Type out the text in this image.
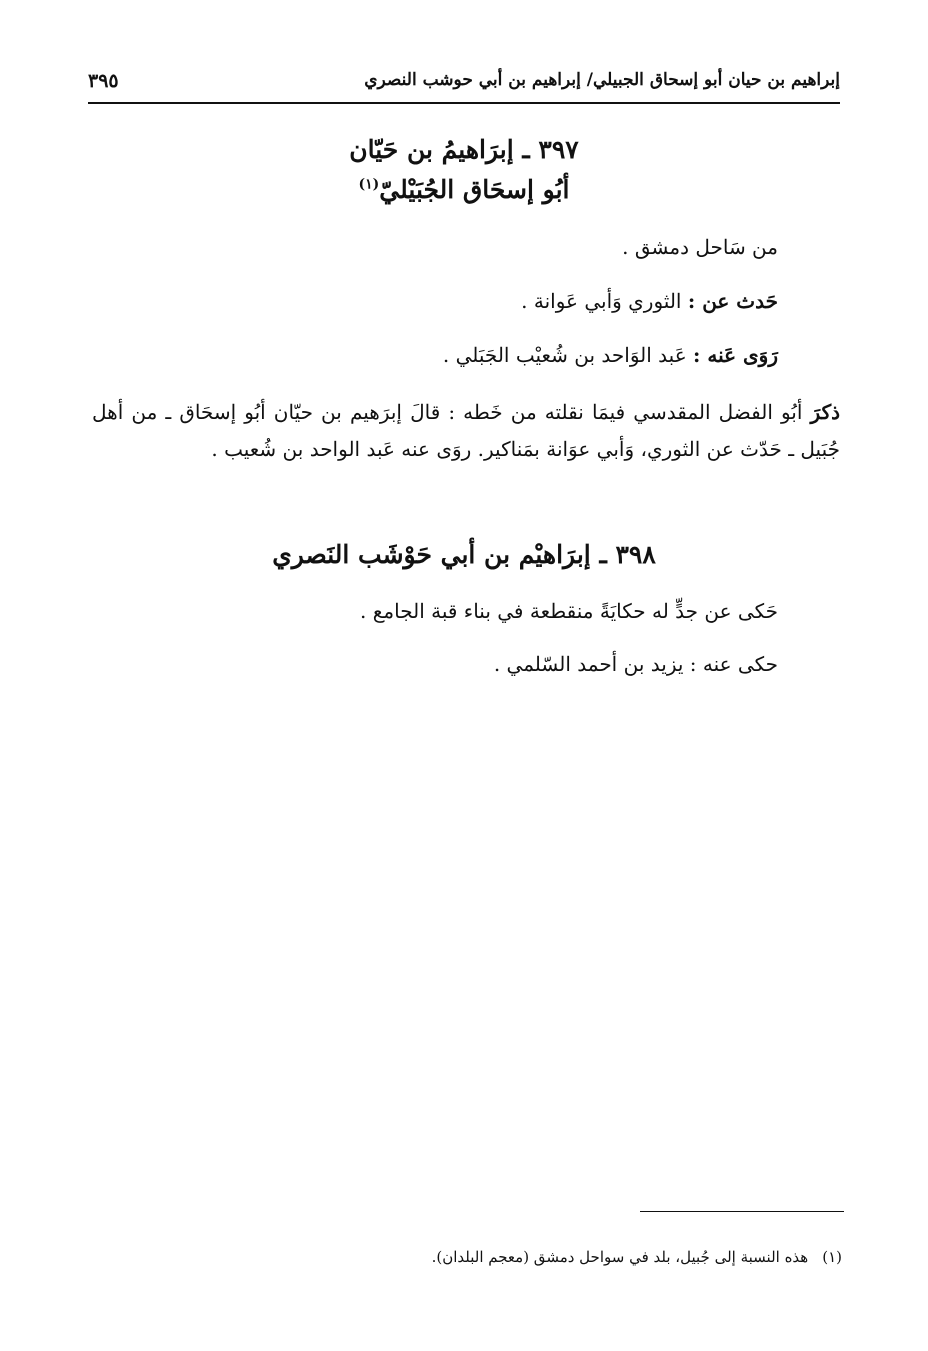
إبراهيم بن حيان أبو إسحاق الجبيلي/ إبراهيم بن أبي حوشب النصري
٣٩٥
٣٩٧ ـ إبرَاهيمُ بن حَيّان
أبُو إسحَاق الجُبَيْليّ$^{(١)}$
من سَاحل دمشق .
حَدث عن : الثوري وَأبي عَوانة .
رَوَى عَنه : عَبد الوَاحد بن شُعيْب الجَبَلي .
ذكرَ أبُو الفضل المقدسي فيمَا نقلته من خَطه : قالَ إبرَهيم بن حيّان أبُو إسحَاق ـ من أهل جُبَيل ـ حَدّث عن الثوري، وَأبي عوَانة بمَناكير. روَى عنه عَبد الواحد بن شُعيب .
٣٩٨ ـ إبرَاهيْم بن أبي حَوْشَب النَصري
حَكى عن جدٍّ له حكايَةً منقطعة في بناء قبة الجامع .
حكى عنه : يزيد بن أحمد السّلمي .
(١)هذه النسبة إلى جُبيل، بلد في سواحل دمشق (معجم البلدان).
